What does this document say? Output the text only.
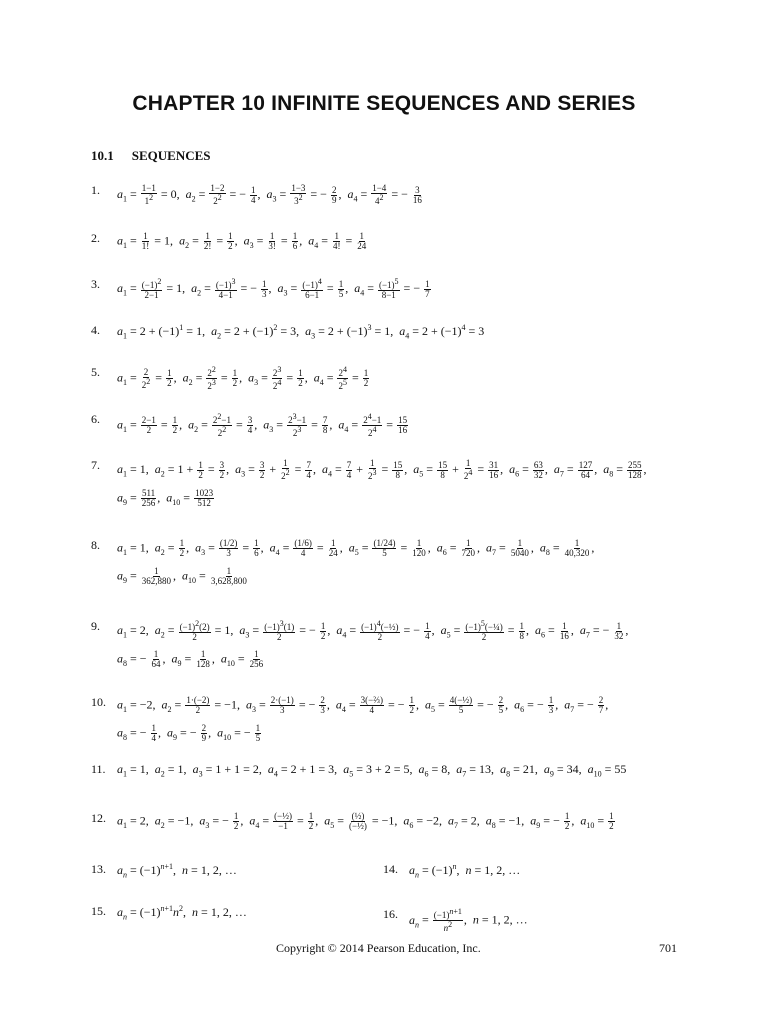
CHAPTER 10 INFINITE SEQUENCES AND SERIES
10.1 SEQUENCES
1. $a_1 = \frac{1-1}{1^2} = 0$,  $a_2 = \frac{1-2}{2^2}$ = − $\frac{1}{4}$ ,  $a_3 = \frac{1-3}{3^2}$ = − $\frac{2}{9}$ ,  $a_4 = \frac{1-4}{4^2}$ = − $\frac{3}{16}$
2. $a_1 = \frac{1}{1!} = 1$,  $a_2 = \frac{1}{2!} = \frac{1}{2}$ ,  $a_3 = \frac{1}{3!} = \frac{1}{6}$ ,  $a_4 = \frac{1}{4!} = \frac{1}{24}$
3. $a_1 = \frac{(-1)^2}{2-1} = 1$,  $a_2 = \frac{(-1)^3}{4-1}$ = − $\frac{1}{3}$ ,  $a_3 = \frac{(-1)^4}{6-1} = \frac{1}{5}$ ,  $a_4 = \frac{(-1)^5}{8-1}$ = − $\frac{1}{7}$
4. $a_1 = 2 + (-1)^1 = 1$,  $a_2 = 2 + (-1)^2 = 3$,  $a_3 = 2 + (-1)^3 = 1$,  $a_4 = 2 + (-1)^4 = 3$
5. $a_1 = \frac{2}{2^2} = \frac{1}{2}$ ,  $a_2 = \frac{2^2}{2^3} = \frac{1}{2}$ ,  $a_3 = \frac{2^3}{2^4} = \frac{1}{2}$ ,  $a_4 = \frac{2^4}{2^5} = \frac{1}{2}$
6. $a_1 = \frac{2-1}{2} = \frac{1}{2}$ ,  $a_2 = \frac{2^2-1}{2^2} = \frac{3}{4}$ ,  $a_3 = \frac{2^3-1}{2^3} = \frac{7}{8}$ ,  $a_4 = \frac{2^4-1}{2^4} = \frac{15}{16}$
7. $a_1 = 1$,  $a_2 = 1 + \frac{1}{2} = \frac{3}{2}$ ,  $a_3 = \frac{3}{2} + \frac{1}{2^2} = \frac{7}{4}$ ,  $a_4 = \frac{7}{4} + \frac{1}{2^3} = \frac{15}{8}$ ,  $a_5 = \frac{15}{8} + \frac{1}{2^4} = \frac{31}{16}$ ,  $a_6 = \frac{63}{32}$ ,  $a_7 = \frac{127}{64}$ ,  $a_8 = \frac{255}{128}$ ,
$a_9 = \frac{511}{256}$ ,  $a_{10} = \frac{1023}{512}$
8. $a_1 = 1$,  $a_2 = \frac{1}{2}$ ,  $a_3 = \frac{(1/2)}{3} = \frac{1}{6}$ ,  $a_4 = \frac{(1/6)}{4} = \frac{1}{24}$ ,  $a_5 = \frac{(1/24)}{5} = \frac{1}{120}$ ,  $a_6 = \frac{1}{720}$ ,  $a_7 = \frac{1}{5040}$ ,  $a_8 = \frac{1}{40,320}$ ,
$a_9 = \frac{1}{362,880}$ ,  $a_{10} = \frac{1}{3,628,800}$
9. $a_1 = 2$,  $a_2 = \frac{(-1)^2(2)}{2} = 1$,  $a_3 = \frac{(-1)^3(1)}{2}$ = − $\frac{1}{2}$ ,  $a_4 = \frac{(-1)^4(-\frac{1}{2})}{2}$ = − $\frac{1}{4}$ ,  $a_5 = \frac{(-1)^5(-\frac{1}{4})}{2} = \frac{1}{8}$ ,  $a_6 = \frac{1}{16}$ ,  $a_7$ = − $\frac{1}{32}$ ,
$a_8$ = − $\frac{1}{64}$ ,  $a_9 = \frac{1}{128}$ ,  $a_{10} = \frac{1}{256}$
10. $a_1 = -2$,  $a_2 = \frac{1\cdot(-2)}{2} = -1$,  $a_3 = \frac{2\cdot(-1)}{3}$ = − $\frac{2}{3}$ ,  $a_4 = \frac{\text{3(−⅔)}}{4}$ = − $\frac{1}{2}$ ,  $a_5 = \frac{\text{4(−½)}}{5}$ = − $\frac{2}{5}$ ,  $a_6$ = − $\frac{1}{3}$ ,  $a_7$ = − $\frac{2}{7}$ ,
$a_8$ = − $\frac{1}{4}$ ,  $a_9$ = − $\frac{2}{9}$ ,  $a_{10}$ = − $\frac{1}{5}$
11. $a_1 = 1$,  $a_2 = 1$,  $a_3 = 1 + 1 = 2$,  $a_4 = 2 + 1 = 3$,  $a_5 = 3 + 2 = 5$,  $a_6 = 8$,  $a_7 = 13$,  $a_8 = 21$,  $a_9 = 34$,  $a_{10} = 55$
12. $a_1 = 2$,  $a_2 = -1$,  $a_3$ = − $\frac{1}{2}$ ,  $a_4 = \frac{\text{(−½)}}{-1} = \frac{1}{2}$ ,  $a_5 = \frac{\text{(½)}}{\text{(−½)}} = -1$,  $a_6 = -2$,  $a_7 = 2$,  $a_8 = -1$,  $a_9$ = − $\frac{1}{2}$ ,  $a_{10} = \frac{1}{2}$
13. $a_n = (-1)^{n+1}$,  n = 1, 2, …	14. $a_n = (-1)^n$,  n = 1, 2, …
15. $a_n = (-1)^{n+1}n^2$,  n = 1, 2, …	16. $a_n = \frac{(-1)^{n+1}}{n^2}$ ,  n = 1, 2, …
Copyright © 2014 Pearson Education, Inc.	701
